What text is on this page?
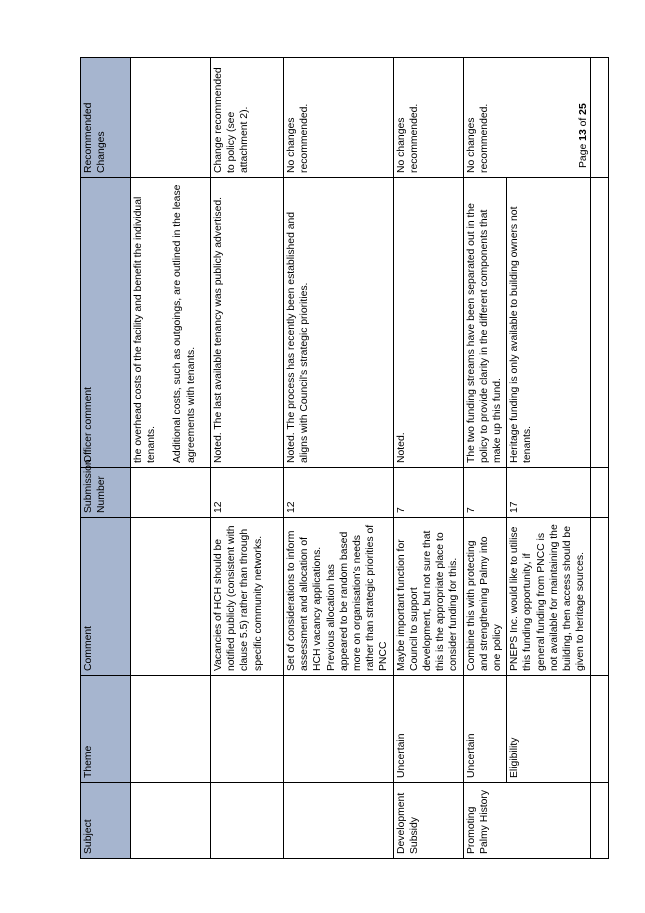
Subject	Theme	Comment	Submission Number	Officer comment	Recommended Changes

				the overhead costs of the facility and benefit the individual tenants. Additional costs, such as outgoings, are outlined in the lease agreements with tenants.	

		Vacancies of HCH should be notified publicly (consistent with clause 5.5) rather than through specific community networks.	12	Noted. The last available tenancy was publicly advertised.	Change recommended to policy (see attachment 2).
		Set of considerations to inform assessment and allocation of HCH vacancy applications. Previous allocation has appeared to be random based more on organisation's needs rather than strategic priorities of PNCC	12	Noted. The process has recently been established and aligns with Council's strategic priorities.	No changes recommended.
Development Subsidy	Uncertain	Maybe important function for Council to support development, but not sure that this is the appropriate place to consider funding for this.	7	Noted.	No changes recommended.
Promoting Palmy History	Uncertain	Combine this with protecting and strengthening Palmy into one policy	7	The two funding streams have been separated out in the policy to provide clarity in the different components that make up this fund.	No changes recommended.
	Eligibility	PNEPS Inc. would like to utilise this funding opportunity, if general funding from PNCC is not available for maintaining the building, then access should be given to heritage sources.	17	Heritage funding is only available to building owners not tenants.	

Page 13 of 25
